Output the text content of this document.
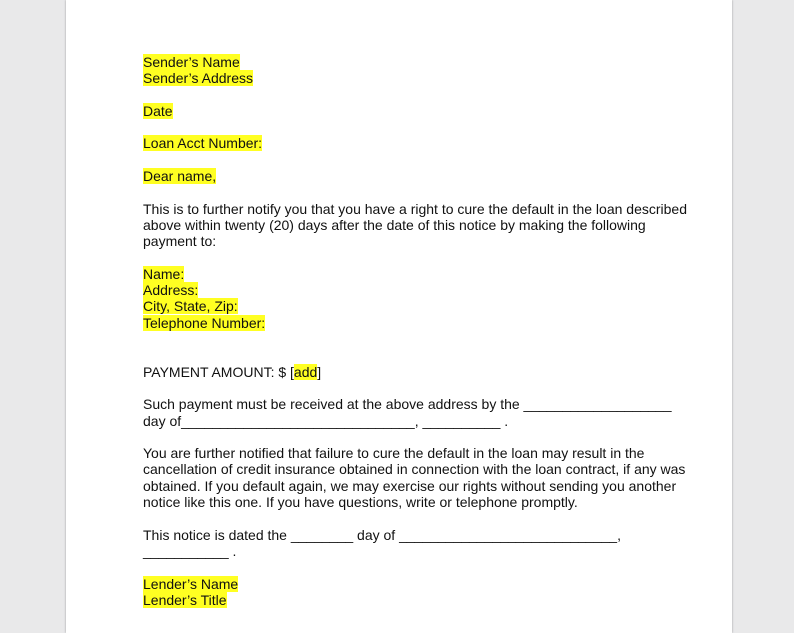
Sender’s Name

Sender’s Address

Date

Loan Acct Number:

Dear name,

This is to further notify you that you have a right to cure the default in the loan described

above within twenty (20) days after the date of this notice by making the following

payment to:

Name:

Address:

City, State, Zip:

Telephone Number:

PAYMENT AMOUNT: $ [add]

Such payment must be received at the above address by the ___________________

day of______________________________, __________ .

You are further notified that failure to cure the default in the loan may result in the

cancellation of credit insurance obtained in connection with the loan contract, if any was

obtained. If you default again, we may exercise our rights without sending you another

notice like this one. If you have questions, write or telephone promptly.

This notice is dated the ________ day of ____________________________,

___________ .

Lender’s Name

Lender’s Title
